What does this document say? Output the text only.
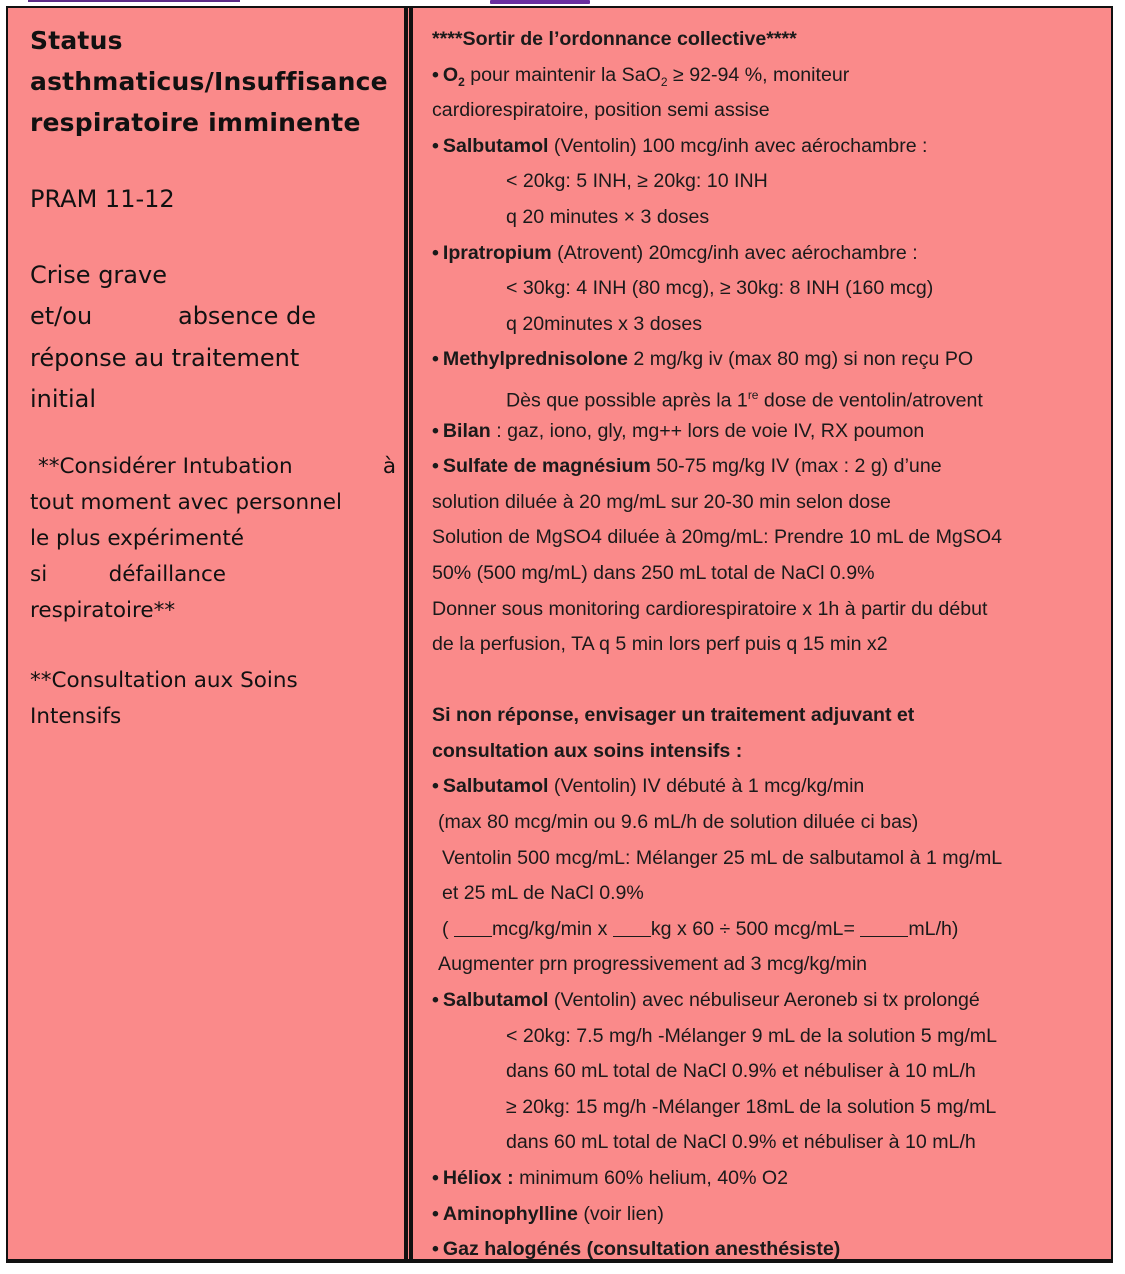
Status

asthmaticus/Insuffisance

respiratoire imminente

PRAM 11-12

Crise grave

et/ou	absence de

réponse au traitement

initial

**Considérer Intubation	à

tout moment avec personnel

le plus expérimenté

si	défaillance

respiratoire**

**Consultation aux Soins

Intensifs

****Sortir de l’ordonnance collective****
• $O_2$ pour maintenir la SaO$_2$ ≥ 92-94 %, moniteur
cardiorespiratoire, position semi assise
• Salbutamol (Ventolin) 100 mcg/inh avec aérochambre :
< 20kg: 5 INH, ≥ 20kg: 10 INH
q 20 minutes × 3 doses
• Ipratropium (Atrovent) 20mcg/inh avec aérochambre :
< 30kg: 4 INH (80 mcg), ≥ 30kg: 8 INH (160 mcg)
q 20minutes x 3 doses
• Methylprednisolone 2 mg/kg iv (max 80 mg) si non reçu PO
Dès que possible après la 1re dose de ventolin/atrovent
• Bilan : gaz, iono, gly, mg++ lors de voie IV, RX poumon
• Sulfate de magnésium 50-75 mg/kg IV (max : 2 g) d’une
solution diluée à 20 mg/mL sur 20-30 min selon dose
Solution de MgSO4 diluée à 20mg/mL: Prendre 10 mL de MgSO4
50% (500 mg/mL) dans 250 mL total de NaCl 0.9%
Donner sous monitoring cardiorespiratoire x 1h à partir du début
de la perfusion, TA q 5 min lors perf puis q 15 min x2
Si non réponse, envisager un traitement adjuvant et
consultation aux soins intensifs :
• Salbutamol (Ventolin) IV débuté à 1 mcg/kg/min
(max 80 mcg/min ou 9.6 mL/h de solution diluée ci bas)
Ventolin 500 mcg/mL: Mélanger 25 mL de salbutamol à 1 mg/mL
et 25 mL de NaCl 0.9%
( mcg/kg/min x kg x 60 ÷ 500 mcg/mL= mL/h)
Augmenter prn progressivement ad 3 mcg/kg/min
• Salbutamol (Ventolin) avec nébuliseur Aeroneb si tx prolongé
< 20kg: 7.5 mg/h -Mélanger 9 mL de la solution 5 mg/mL
dans 60 mL total de NaCl 0.9% et nébuliser à 10 mL/h
≥ 20kg: 15 mg/h -Mélanger 18mL de la solution 5 mg/mL
dans 60 mL total de NaCl 0.9% et nébuliser à 10 mL/h
• Héliox : minimum 60% helium, 40% O2
• Aminophylline (voir lien)
• Gaz halogénés (consultation anesthésiste)
